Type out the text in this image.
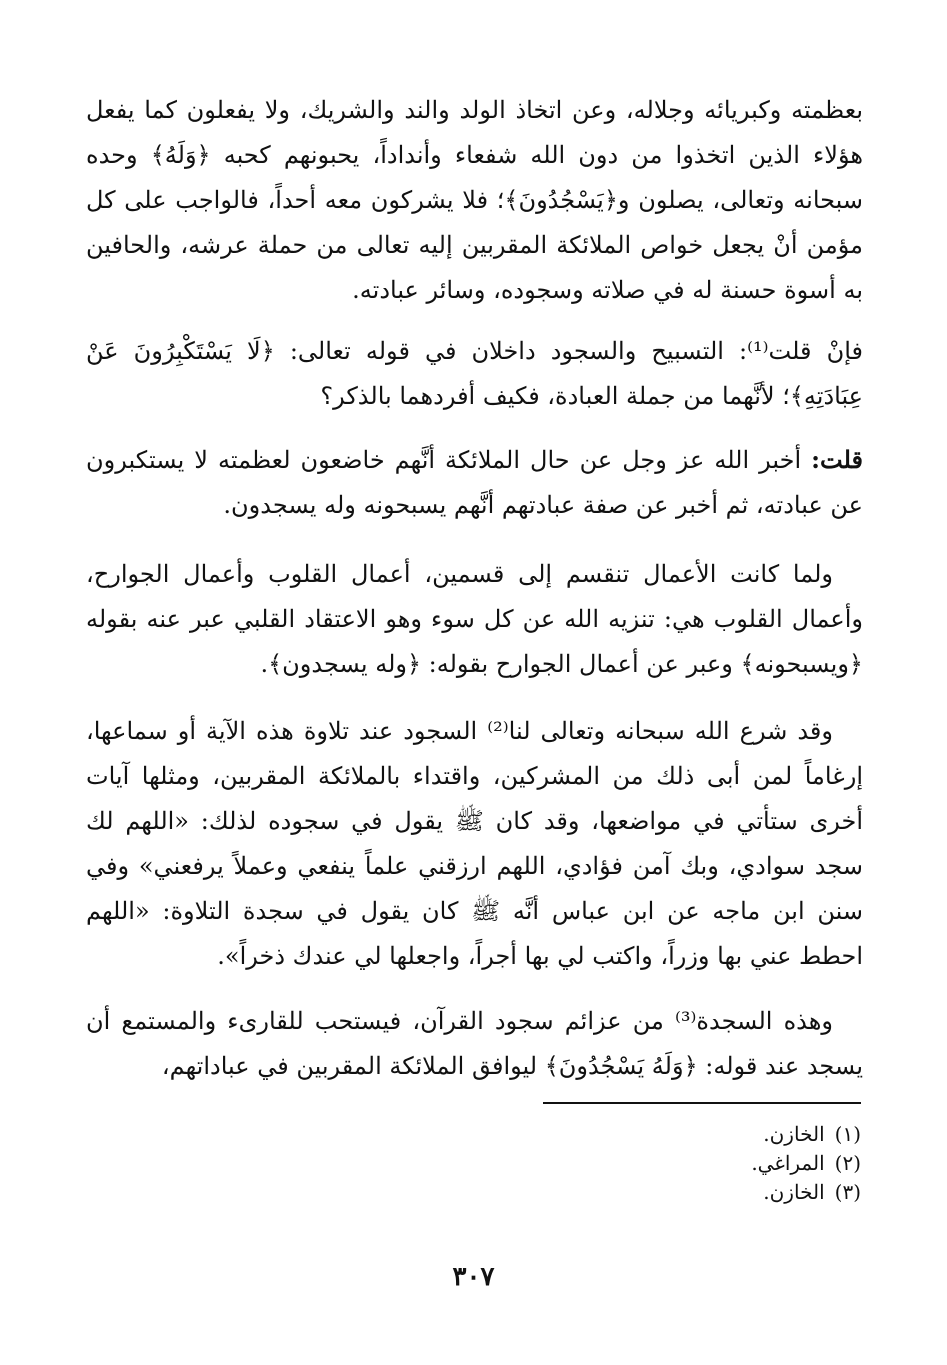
بعظمته وكبريائه وجلاله، وعن اتخاذ الولد والند والشريك، ولا يفعلون كما يفعل هؤلاء الذين اتخذوا من دون الله شفعاء وأنداداً، يحبونهم كحبه ﴿وَلَهُ﴾ وحده سبحانه وتعالى، يصلون و﴿يَسْجُدُونَ﴾؛ فلا يشركون معه أحداً، فالواجب على كل مؤمن أنْ يجعل خواص الملائكة المقربين إليه تعالى من حملة عرشه، والحافين به أسوة حسنة له في صلاته وسجوده، وسائر عبادته.

فإنْ قلت⁽¹⁾: التسبيح والسجود داخلان في قوله تعالى: ﴿لَا يَسْتَكْبِرُونَ عَنْ عِبَادَتِهِ﴾؛ لأنَّهما من جملة العبادة، فكيف أفردهما بالذكر؟

قلت: أخبر الله عز وجل عن حال الملائكة أنَّهم خاضعون لعظمته لا يستكبرون عن عبادته، ثم أخبر عن صفة عبادتهم أنَّهم يسبحونه وله يسجدون.

ولما كانت الأعمال تنقسم إلى قسمين، أعمال القلوب وأعمال الجوارح، وأعمال القلوب هي: تنزيه الله عن كل سوء وهو الاعتقاد القلبي عبر عنه بقوله ﴿ويسبحونه﴾ وعبر عن أعمال الجوارح بقوله: ﴿وله يسجدون﴾.

وقد شرع الله سبحانه وتعالى لنا⁽²⁾ السجود عند تلاوة هذه الآية أو سماعها، إرغاماً لمن أبى ذلك من المشركين، واقتداء بالملائكة المقربين، ومثلها آيات أخرى ستأتي في مواضعها، وقد كان ﷺ يقول في سجوده لذلك: «اللهم لك سجد سوادي، وبك آمن فؤادي، اللهم ارزقني علماً ينفعي وعملاً يرفعني» وفي سنن ابن ماجه عن ابن عباس أنَّه ﷺ كان يقول في سجدة التلاوة: «اللهم احطط عني بها وزراً، واكتب لي بها أجراً، واجعلها لي عندك ذخراً».

وهذه السجدة⁽³⁾ من عزائم سجود القرآن، فيستحب للقارىء والمستمع أن يسجد عند قوله: ﴿وَلَهُ يَسْجُدُونَ﴾ ليوافق الملائكة المقربين في عباداتهم،

(١)الخازن.
(٢)المراغي.
(٣)الخازن.
٣٠٧
